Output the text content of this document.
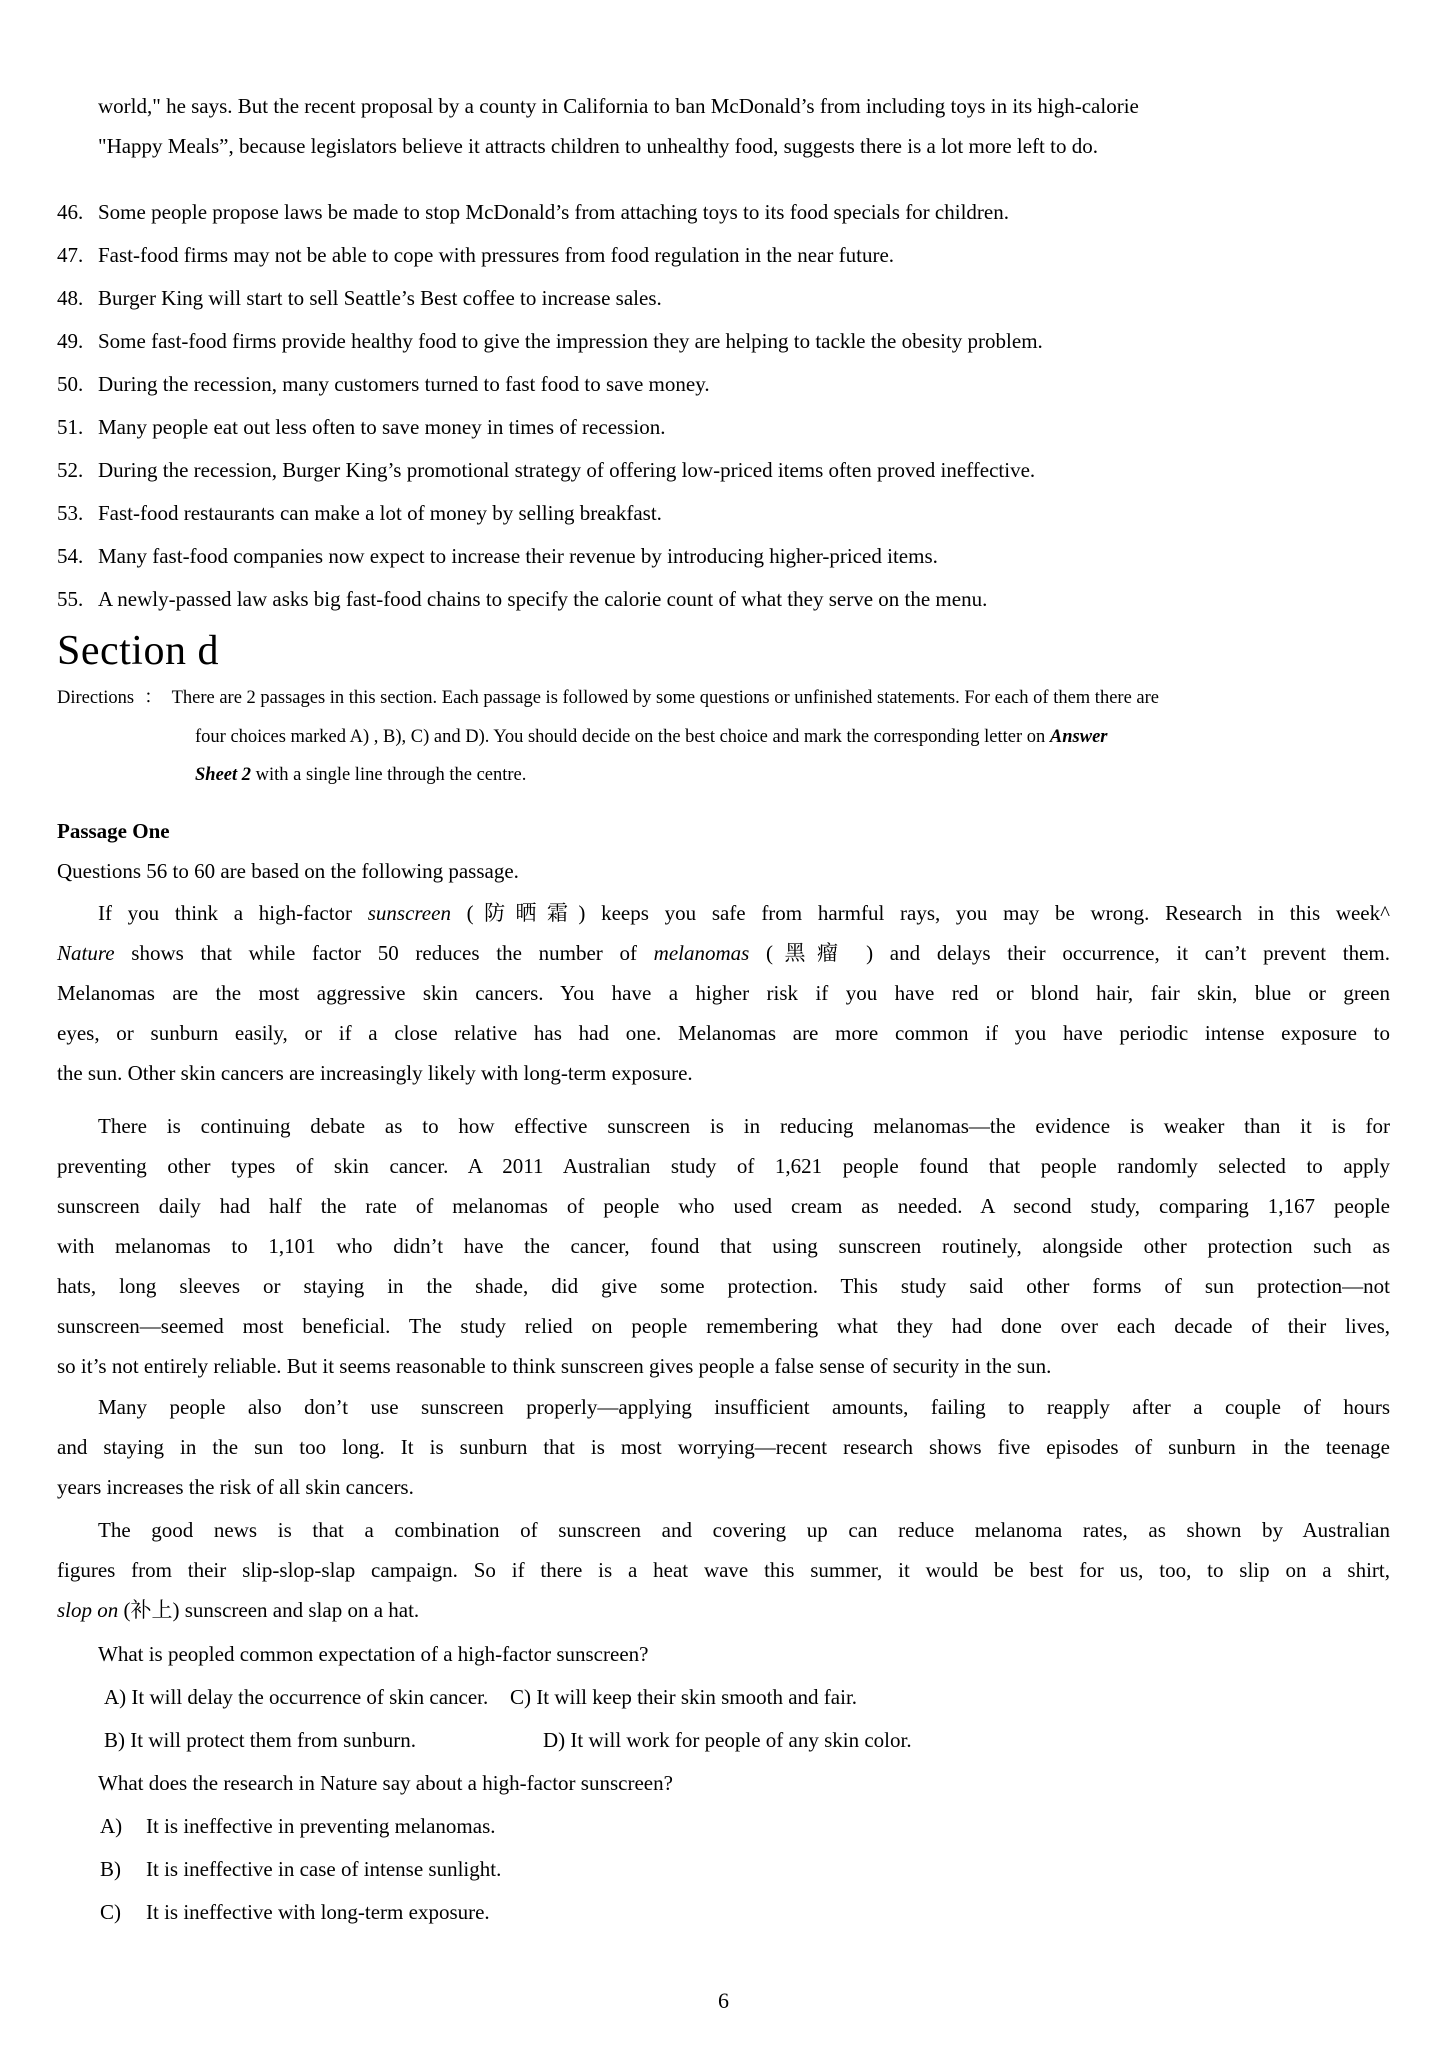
world," he says. But the recent proposal by a county in California to ban McDonald’s from including toys in its high-calorie
"Happy Meals”, because legislators believe it attracts children to unhealthy food, suggests there is a lot more left to do.
46. Some people propose laws be made to stop McDonald’s from attaching toys to its food specials for children.
47. Fast-food firms may not be able to cope with pressures from food regulation in the near future.
48. Burger King will start to sell Seattle’s Best coffee to increase sales.
49. Some fast-food firms provide healthy food to give the impression they are helping to tackle the obesity problem.
50. During the recession, many customers turned to fast food to save money.
51. Many people eat out less often to save money in times of recession.
52. During the recession, Burger King’s promotional strategy of offering low-priced items often proved ineffective.
53. Fast-food restaurants can make a lot of money by selling breakfast.
54. Many fast-food companies now expect to increase their revenue by introducing higher-priced items.
55. A newly-passed law asks big fast-food chains to specify the calorie count of what they serve on the menu.
Section d
Directions ： There are 2 passages in this section. Each passage is followed by some questions or unfinished statements. For each of them there are
four choices marked A) , B), C) and D). You should decide on the best choice and mark the corresponding letter on Answer
Sheet 2 with a single line through the centre.
Passage One
Questions 56 to 60 are based on the following passage.
If you think a high-factor sunscreen (防晒霜) keeps you safe from harmful rays, you may be wrong. Research in this week^
Nature shows that while factor 50 reduces the number of melanomas (黑瘤 ) and delays their occurrence, it can’t prevent them.
Melanomas are the most aggressive skin cancers. You have a higher risk if you have red or blond hair, fair skin, blue or green
eyes, or sunburn easily, or if a close relative has had one. Melanomas are more common if you have periodic intense exposure to
the sun. Other skin cancers are increasingly likely with long-term exposure.
There is continuing debate as to how effective sunscreen is in reducing melanomas—the evidence is weaker than it is for
preventing other types of skin cancer. A 2011 Australian study of 1,621 people found that people randomly selected to apply
sunscreen daily had half the rate of melanomas of people who used cream as needed. A second study, comparing 1,167 people
with melanomas to 1,101 who didn’t have the cancer, found that using sunscreen routinely, alongside other protection such as
hats, long sleeves or staying in the shade, did give some protection. This study said other forms of sun protection—not
sunscreen—seemed most beneficial. The study relied on people remembering what they had done over each decade of their lives,
so it’s not entirely reliable. But it seems reasonable to think sunscreen gives people a false sense of security in the sun.
Many people also don’t use sunscreen properly—applying insufficient amounts, failing to reapply after a couple of hours
and staying in the sun too long. It is sunburn that is most worrying—recent research shows five episodes of sunburn in the teenage
years increases the risk of all skin cancers.
The good news is that a combination of sunscreen and covering up can reduce melanoma rates, as shown by Australian
figures from their slip-slop-slap campaign. So if there is a heat wave this summer, it would be best for us, too, to slip on a shirt,
slop on (补上) sunscreen and slap on a hat.
What is peopled common expectation of a high-factor sunscreen?
A) It will delay the occurrence of skin cancer. C) It will keep their skin smooth and fair.
B) It will protect them from sunburn.	D) It will work for people of any skin color.
What does the research in Nature say about a high-factor sunscreen?
A) It is ineffective in preventing melanomas.
B) It is ineffective in case of intense sunlight.
C) It is ineffective with long-term exposure.
6
